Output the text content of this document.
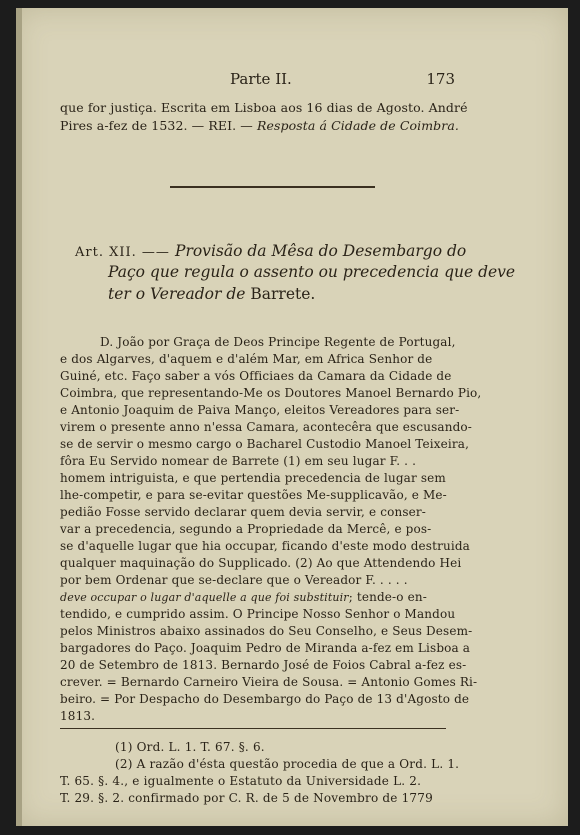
Parte II.	173
que for justiça. Escrita em Lisboa aos 16 dias de Agosto. André
Pires a-fez de 1532. — REI. — Resposta á Cidade de Coimbra.
Art. XII. —— Provisão da Mêsa do Desembargo do
Paço que regula o assento ou precedencia que deve
ter o Vereador de Barrete.
D. João por Graça de Deos Principe Regente de Portugal,
e dos Algarves, d'aquem e d'além Mar, em Africa Senhor de
Guiné, etc. Faço saber a vós Officiaes da Camara da Cidade de
Coimbra, que representando-Me os Doutores Manoel Bernardo Pio,
e Antonio Joaquim de Paiva Manço, eleitos Vereadores para ser-
virem o presente anno n'essa Camara, acontecêra que escusando-
se de servir o mesmo cargo o Bacharel Custodio Manoel Teixeira,
fôra Eu Servido nomear de Barrete (1) em seu lugar F. . .
homem intriguista, e que pertendia precedencia de lugar sem
lhe-competir, e para se-evitar questões Me-supplicavão, e Me-
pedião Fosse servido declarar quem devia servir, e conser-
var a precedencia, segundo a Propriedade da Mercê, e pos-
se d'aquelle lugar que hia occupar, ficando d'este modo destruida
qualquer maquinação do Supplicado. (2) Ao que Attendendo Hei
por bem Ordenar que se-declare que o Vereador F. . . . .
deve occupar o lugar d'aquelle a que foi substituir; tende-o en-
tendido, e cumprido assim. O Principe Nosso Senhor o Mandou
pelos Ministros abaixo assinados do Seu Conselho, e Seus Desem-
bargadores do Paço. Joaquim Pedro de Miranda a-fez em Lisboa a
20 de Setembro de 1813. Bernardo José de Foios Cabral a-fez es-
crever. = Bernardo Carneiro Vieira de Sousa. = Antonio Gomes Ri-
beiro. = Por Despacho do Desembargo do Paço de 13 d'Agosto de
1813.
(1) Ord. L. 1. T. 67. §. 6.
(2) A razão d'ésta questão procedia de que a Ord. L. 1.
T. 65. §. 4., e igualmente o Estatuto da Universidade L. 2.
T. 29. §. 2. confirmado por C. R. de 5 de Novembro de 1779
